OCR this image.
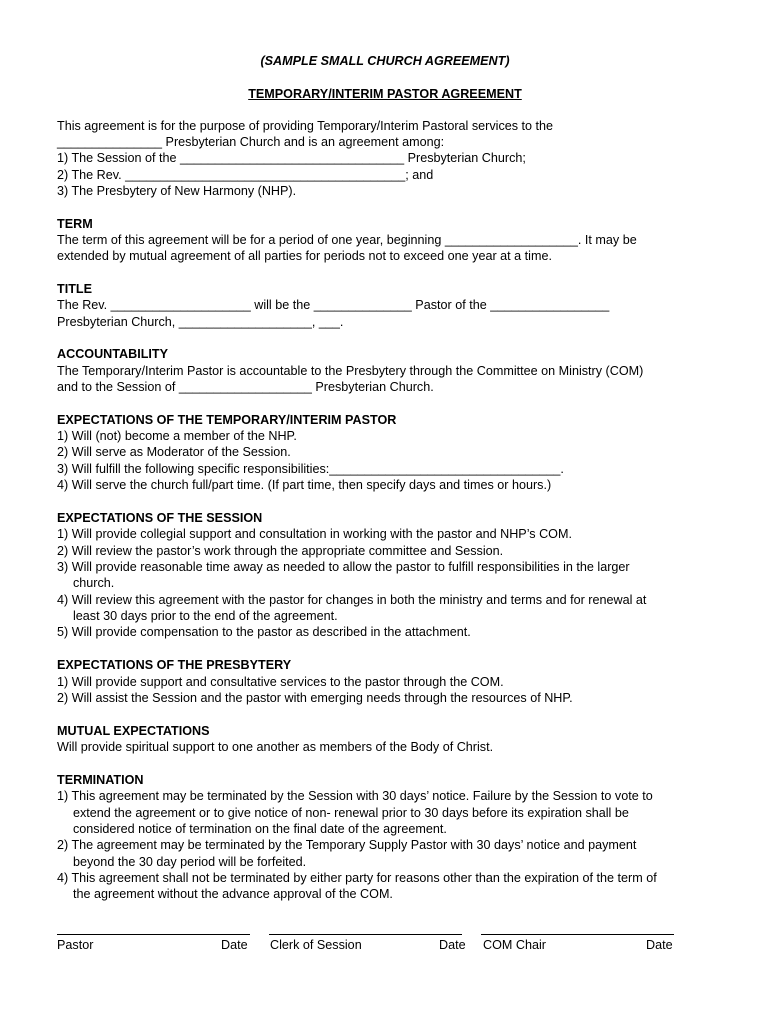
(SAMPLE SMALL CHURCH AGREEMENT)
TEMPORARY/INTERIM PASTOR AGREEMENT
This agreement is for the purpose of providing Temporary/Interim Pastoral services to the
_______________ Presbyterian Church and is an agreement among:
1) The Session of the ________________________________ Presbyterian Church;
2) The Rev. ________________________________________; and
3) The Presbytery of New Harmony (NHP).
TERM
The term of this agreement will be for a period of one year, beginning ___________________. It may be
extended by mutual agreement of all parties for periods not to exceed one year at a time.
TITLE
The Rev. ____________________ will be the ______________ Pastor of the _________________
Presbyterian Church, ___________________, ___.
ACCOUNTABILITY
The Temporary/Interim Pastor is accountable to the Presbytery through the Committee on Ministry (COM)
and to the Session of ___________________ Presbyterian Church.
EXPECTATIONS OF THE TEMPORARY/INTERIM PASTOR
1) Will (not) become a member of the NHP.
2) Will serve as Moderator of the Session.
3) Will fulfill the following specific responsibilities:_________________________________.
4) Will serve the church full/part time. (If part time, then specify days and times or hours.)
EXPECTATIONS OF THE SESSION
1) Will provide collegial support and consultation in working with the pastor and NHP’s COM.
2) Will review the pastor’s work through the appropriate committee and Session.
3) Will provide reasonable time away as needed to allow the pastor to fulfill responsibilities in the larger
church.
4) Will review this agreement with the pastor for changes in both the ministry and terms and for renewal at
least 30 days prior to the end of the agreement.
5) Will provide compensation to the pastor as described in the attachment.
EXPECTATIONS OF THE PRESBYTERY
1) Will provide support and consultative services to the pastor through the COM.
2) Will assist the Session and the pastor with emerging needs through the resources of NHP.
MUTUAL EXPECTATIONS
Will provide spiritual support to one another as members of the Body of Christ.
TERMINATION
1) This agreement may be terminated by the Session with 30 days’ notice. Failure by the Session to vote to
extend the agreement or to give notice of non- renewal prior to 30 days before its expiration shall be
considered notice of termination on the final date of the agreement.
2) The agreement may be terminated by the Temporary Supply Pastor with 30 days’ notice and payment
beyond the 30 day period will be forfeited.
4) This agreement shall not be terminated by either party for reasons other than the expiration of the term of
the agreement without the advance approval of the COM.
Pastor	Date Clerk of Session	Date COM Chair	Date
